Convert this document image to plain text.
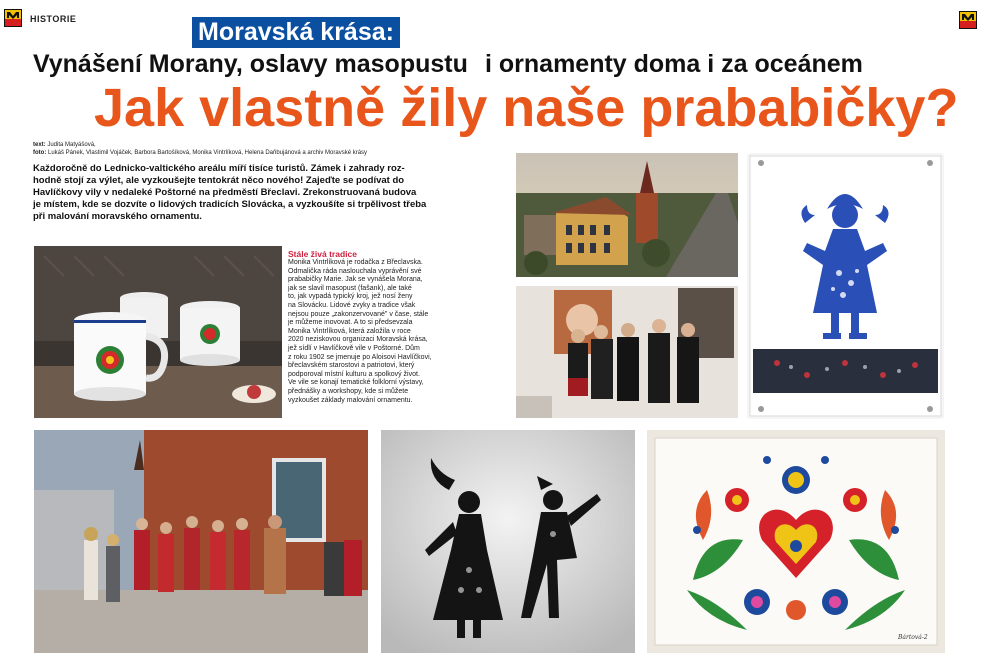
HISTORIE	Moravská krása:
Vynášení Morany, oslavy masopustu i ornamenty doma i za oceánem
Jak vlastně žily naše prababičky?
text: Judita Matyášová,
foto: Lukáš Pánek, Vlastimil Vojáček, Barbora Bartošíková, Monika Vintrlíková, Helena Daňbujánová a archiv Moravské krásy
Každoročně do Lednicko-valtického areálu míří tisíce turistů. Zámek i zahrady roz-
hodně stojí za výlet, ale vyzkoušejte tentokrát něco nového! Zajeďte se podívat do
Havlíčkovy vily v nedaleké Poštorné na předměstí Břeclavi. Zrekonstruovaná budova
je místem, kde se dozvíte o lidových tradicích Slovácka, a vyzkoušíte si trpělivost třeba
při malování moravského ornamentu.
Stále živá tradice
Monika Vintrlíková je rodačka z Břeclavska.
Odmalička ráda naslouchala vyprávění své
prababičky Marie. Jak se vynášela Morana,
jak se slavil masopust (fašank), ale také
to, jak vypadá typický kroj, jež nosí ženy
na Slovácku. Lidové zvyky a tradice však
nejsou pouze „zakonzervované" v čase, stále
je můžeme inovovat. A to si předsevzala
Monika Vintrlíková, která založila v roce
2020 neziskovou organizaci Moravská krása,
jež sídlí v Havlíčkově vile v Poštorné. Dům
z roku 1902 se jmenuje po Aloisovi Havlíčkovi,
břeclavském starostovi a patriotovi, který
podporoval místní kulturu a spolkový život.
Ve vile se konají tematické folklorní výstavy,
přednášky a workshopy, kde si můžete
vyzkoušet základy malování ornamentu.
Bártová-2
